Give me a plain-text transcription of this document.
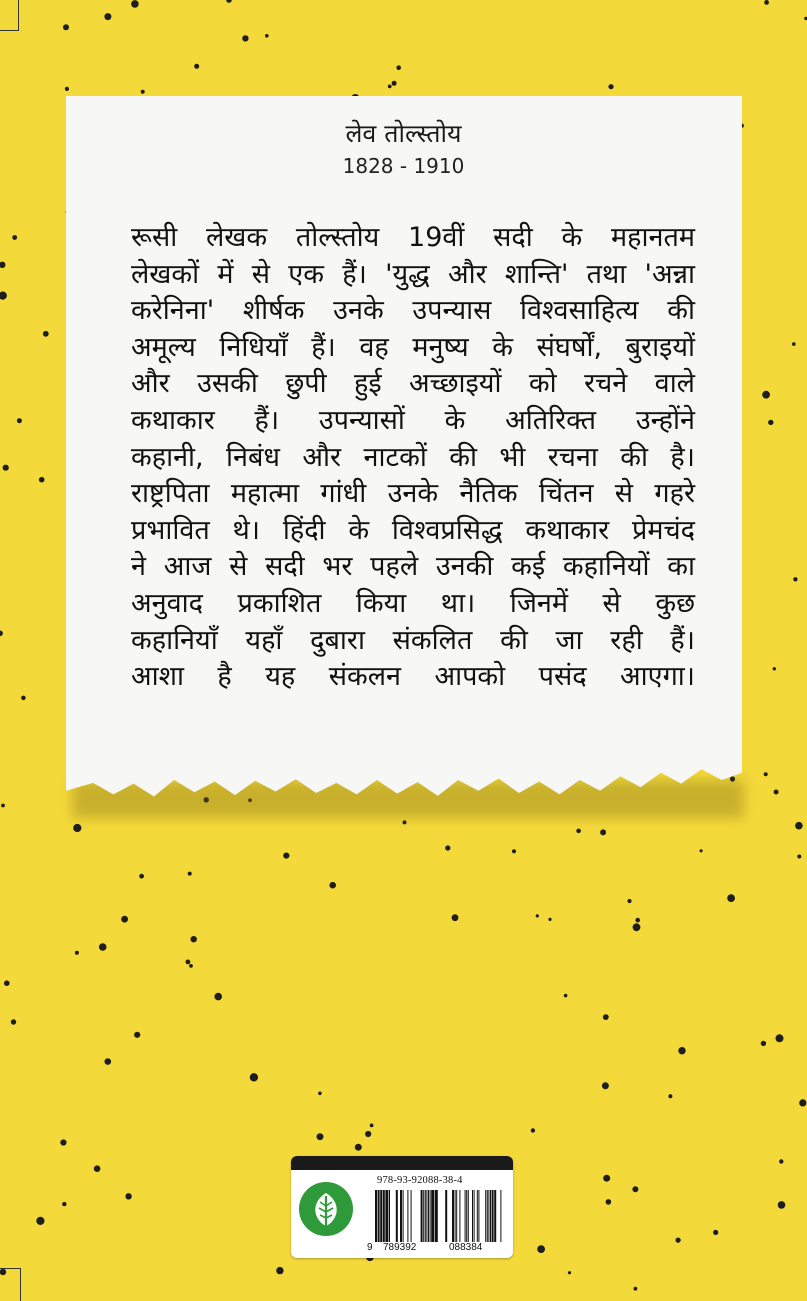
लेव तोल्स्तोय
1828 - 1910
रूसी लेखक तोल्स्तोय 19वीं सदी के महानतम
लेखकों में से एक हैं। 'युद्ध और शान्ति' तथा 'अन्ना
करेनिना' शीर्षक उनके उपन्यास विश्वसाहित्य की
अमूल्य निधियाँ हैं। वह मनुष्य के संघर्षों, बुराइयों
और उसकी छुपी हुई अच्छाइयों को रचने वाले
कथाकार हैं। उपन्यासों के अतिरिक्त उन्होंने
कहानी, निबंध और नाटकों की भी रचना की है।
राष्ट्रपिता महात्मा गांधी उनके नैतिक चिंतन से गहरे
प्रभावित थे। हिंदी के विश्वप्रसिद्ध कथाकार प्रेमचंद
ने आज से सदी भर पहले उनकी कई कहानियों का
अनुवाद प्रकाशित किया था। जिनमें से कुछ
कहानियाँ यहाँ दुबारा संकलित की जा रही हैं।
आशा है यह संकलन आपको पसंद आएगा।
978-93-92088-38-4
9 789392	088384
